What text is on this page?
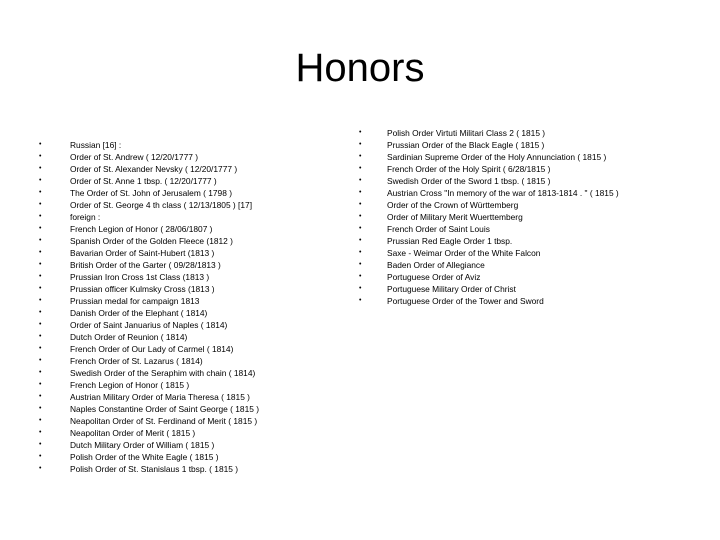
Honors
•	Russian [16] :
•	Order of St. Andrew ( 12/20/1777 )
•	Order of St. Alexander Nevsky ( 12/20/1777 )
•	Order of St. Anne 1 tbsp. ( 12/20/1777 )
•	The Order of St. John of Jerusalem ( 1798 )
•	Order of St. George 4 th class ( 12/13/1805 ) [17]
•	foreign :
•	French Legion of Honor ( 28/06/1807 )
•	Spanish Order of the Golden Fleece (1812 )
•	Bavarian Order of Saint-Hubert (1813 )
•	British Order of the Garter ( 09/28/1813 )
•	Prussian Iron Cross 1st Class (1813 )
•	Prussian officer Kulmsky Cross (1813 )
•	Prussian medal for campaign 1813
•	Danish Order of the Elephant ( 1814)
•	Order of Saint Januarius of Naples ( 1814)
•	Dutch Order of Reunion ( 1814)
•	French Order of Our Lady of Carmel ( 1814)
•	French Order of St. Lazarus ( 1814)
•	Swedish Order of the Seraphim with chain ( 1814)
•	French Legion of Honor ( 1815 )
•	Austrian Military Order of Maria Theresa ( 1815 )
•	Naples Constantine Order of Saint George ( 1815 )
•	Neapolitan Order of St. Ferdinand of Merit ( 1815 )
•	Neapolitan Order of Merit ( 1815 )
•	Dutch Military Order of William ( 1815 )
•	Polish Order of the White Eagle ( 1815 )
•	Polish Order of St. Stanislaus 1 tbsp. ( 1815 )
•	Polish Order Virtuti Militari Class 2 ( 1815 )
•	Prussian Order of the Black Eagle ( 1815 )
•	Sardinian Supreme Order of the Holy Annunciation ( 1815 )
•	French Order of the Holy Spirit ( 6/28/1815 )
•	Swedish Order of the Sword 1 tbsp. ( 1815 )
•	Austrian Cross "In memory of the war of 1813-1814 . " ( 1815 )
•	Order of the Crown of Württemberg
•	Order of Military Merit Wuerttemberg
•	French Order of Saint Louis
•	Prussian Red Eagle Order 1 tbsp.
•	Saxe - Weimar Order of the White Falcon
•	Baden Order of Allegiance
•	Portuguese Order of Aviz
•	Portuguese Military Order of Christ
•	Portuguese Order of the Tower and Sword
